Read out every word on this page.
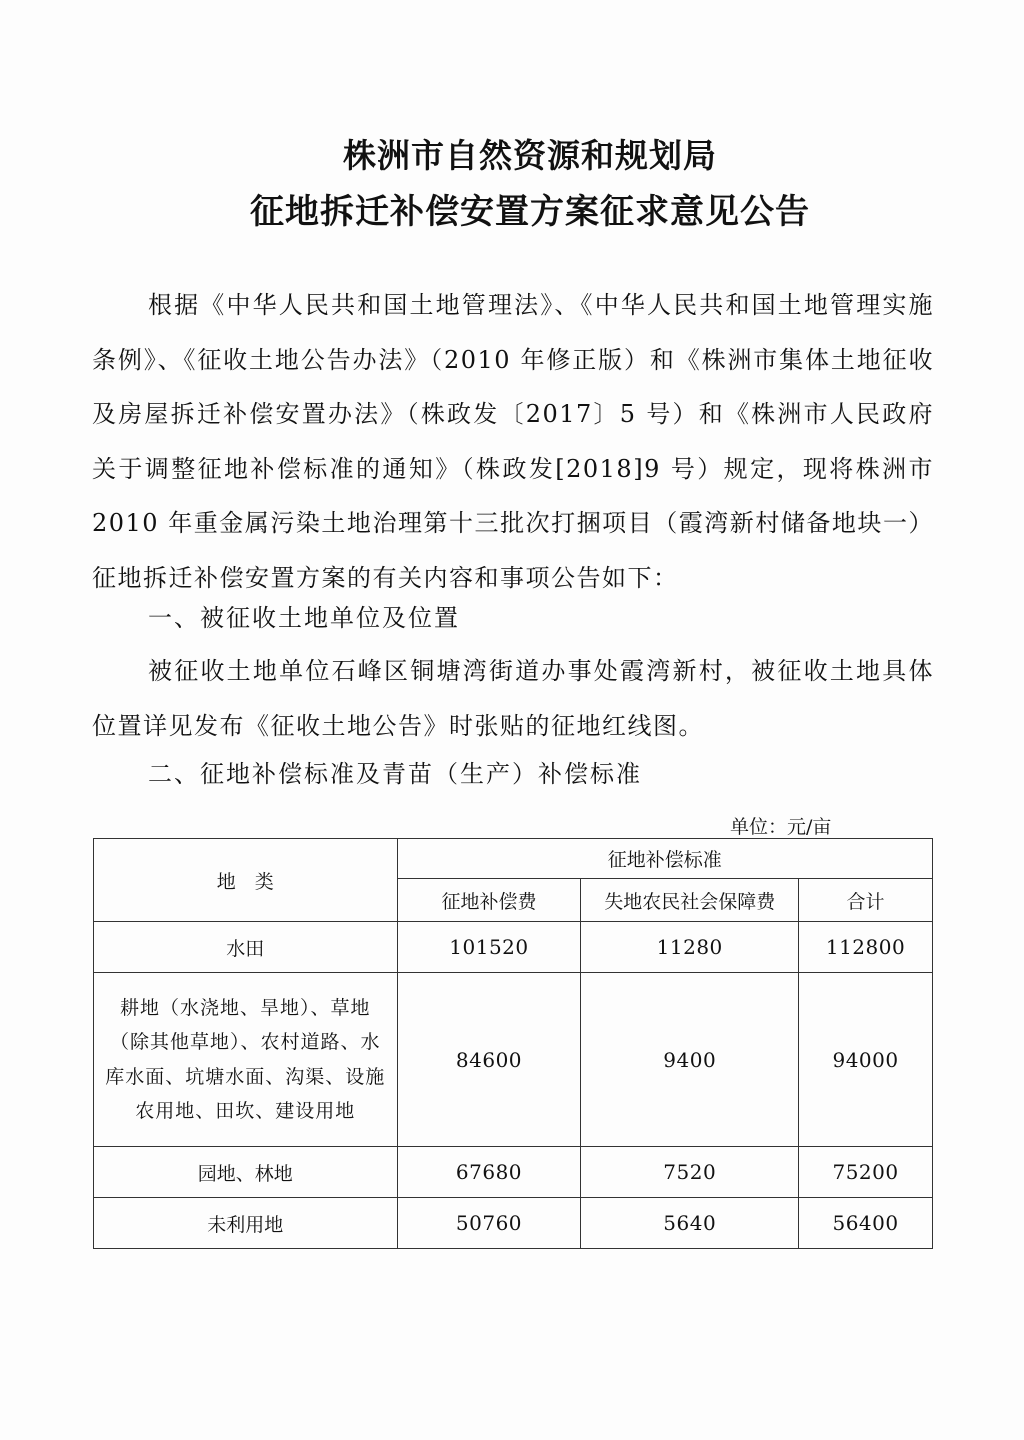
株洲市自然资源和规划局
征地拆迁补偿安置方案征求意见公告
根据《中华人民共和国土地管理法》、《中华人民共和国土地管理实施条例》、《征收土地公告办法》（2010 年修正版）和《株洲市集体土地征收及房屋拆迁补偿安置办法》（株政发〔2017〕5 号）和《株洲市人民政府关于调整征地补偿标准的通知》（株政发[2018]9 号）规定，现将株洲市 2010 年重金属污染土地治理第十三批次打捆项目（霞湾新村储备地块一）征地拆迁补偿安置方案的有关内容和事项公告如下：
一、被征收土地单位及位置
被征收土地单位石峰区铜塘湾街道办事处霞湾新村，被征收土地具体位置详见发布《征收土地公告》时张贴的征地红线图。
二、征地补偿标准及青苗（生产）补偿标准
单位：元/亩
地　类	征地补偿标准		
	征地补偿费	失地农民社会保障费	合计
水田	101520	11280	112800
耕地（水浇地、旱地）、草地（除其他草地）、农村道路、水库水面、坑塘水面、沟渠、设施农用地、田坎、建设用地	84600	9400	94000
园地、林地	67680	7520	75200
未利用地	50760	5640	56400
